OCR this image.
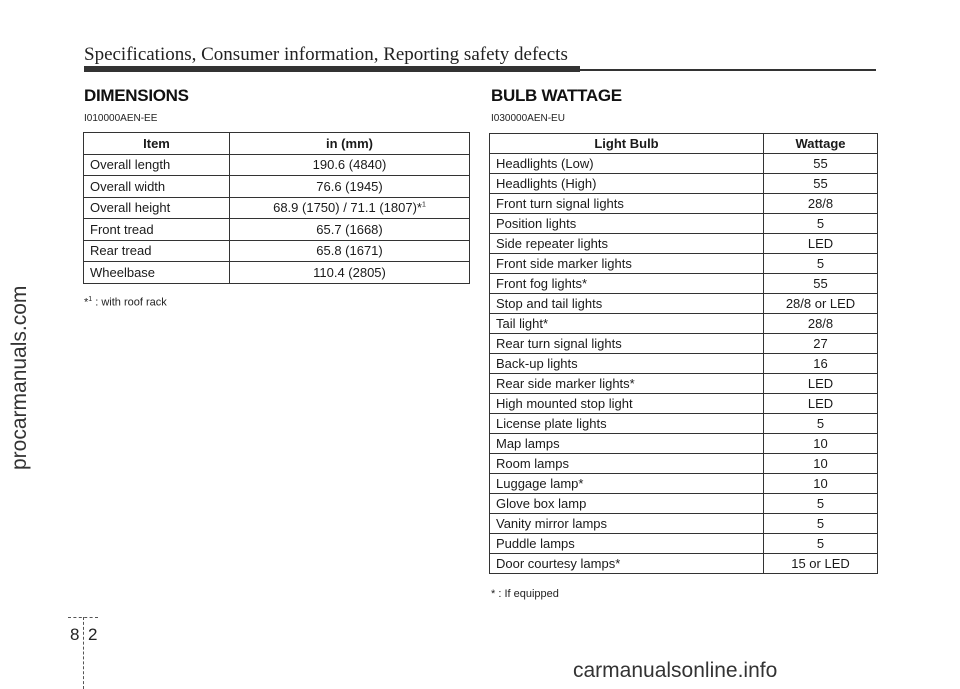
Specifications, Consumer information, Reporting safety defects
DIMENSIONS
I010000AEN-EE
Item	in (mm)
Overall length	190.6 (4840)
Overall width	76.6 (1945)
Overall height	68.9 (1750) / 71.1 (1807)*$^1$
Front tread	65.7 (1668)
Rear tread	65.8 (1671)
Wheelbase	110.4 (2805)
*$^1$ : with roof rack
BULB WATTAGE
I030000AEN-EU
Light Bulb	Wattage
Headlights (Low)	55
Headlights (High)	55
Front turn signal lights	28/8
Position lights	5
Side repeater lights	LED
Front side marker lights	5
Front fog lights*	55
Stop and tail lights	28/8 or LED
Tail light*	28/8
Rear turn signal lights	27
Back-up lights	16
Rear side marker lights*	LED
High mounted stop light	LED
License plate lights	5
Map lamps	10
Room lamps	10
Luggage lamp*	10
Glove box lamp	5
Vanity mirror lamps	5
Puddle lamps	5
Door courtesy lamps*	15 or LED
* : If equipped
8 2
procarmanuals.com
carmanualsonline.info
